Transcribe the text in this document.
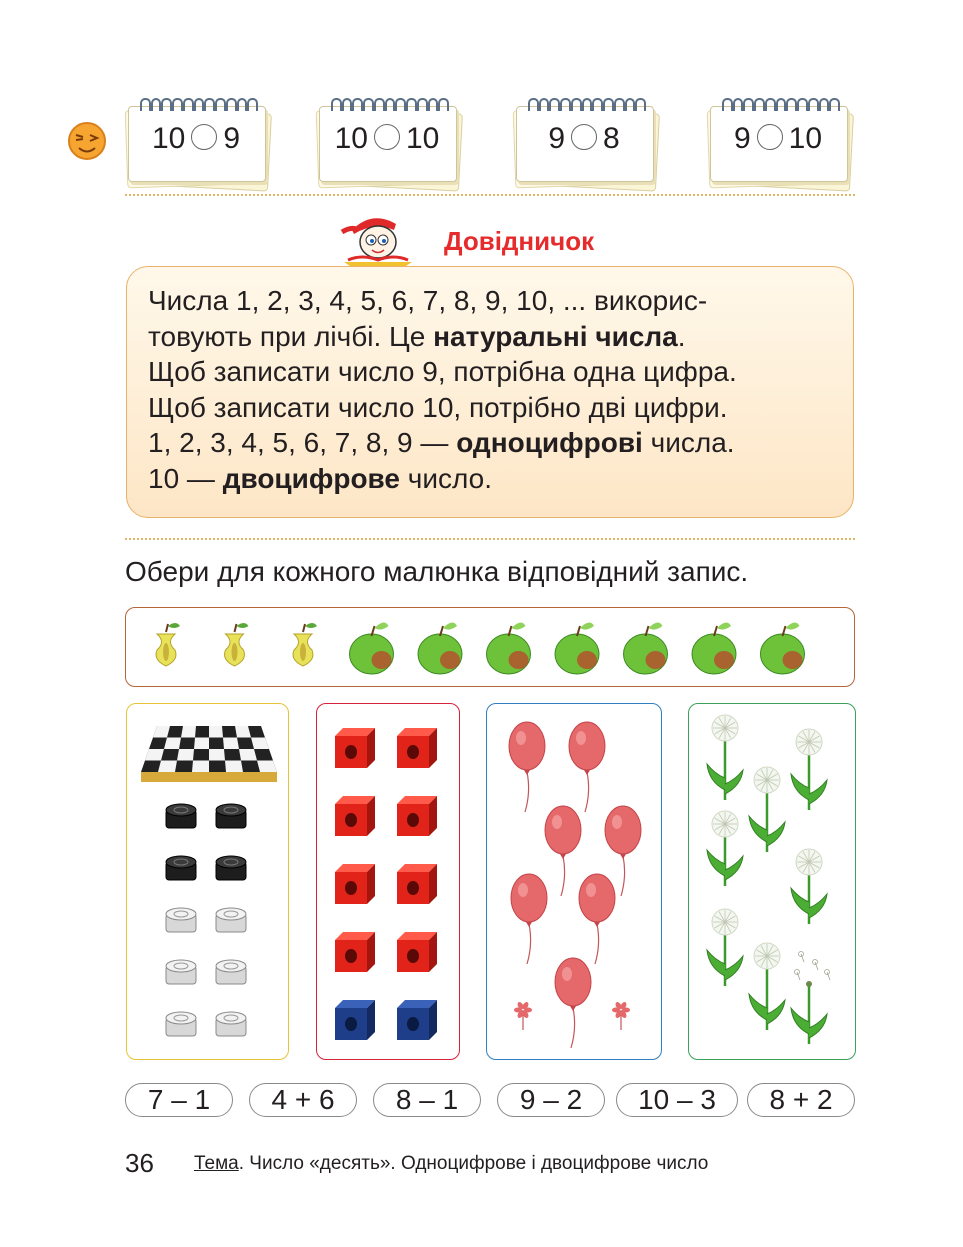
10 9	10 10	9 8	9 10
Довідничок
Числа 1, 2, 3, 4, 5, 6, 7, 8, 9, 10, ... викорис-
товують при лічбі. Це натуральні числа.
Щоб записати число 9, потрібна одна цифра.
Щоб записати число 10, потрібно дві цифри.
1, 2, 3, 4, 5, 6, 7, 8, 9 — одноцифрові числа.
10 — двоцифрове число.
Обери для кожного малюнка відповідний запис.
7 – 1	4 + 6	8 – 1	9 – 2	10 – 3	8 + 2
36 Тема. Число «десять». Одноцифрове і двоцифрове число
